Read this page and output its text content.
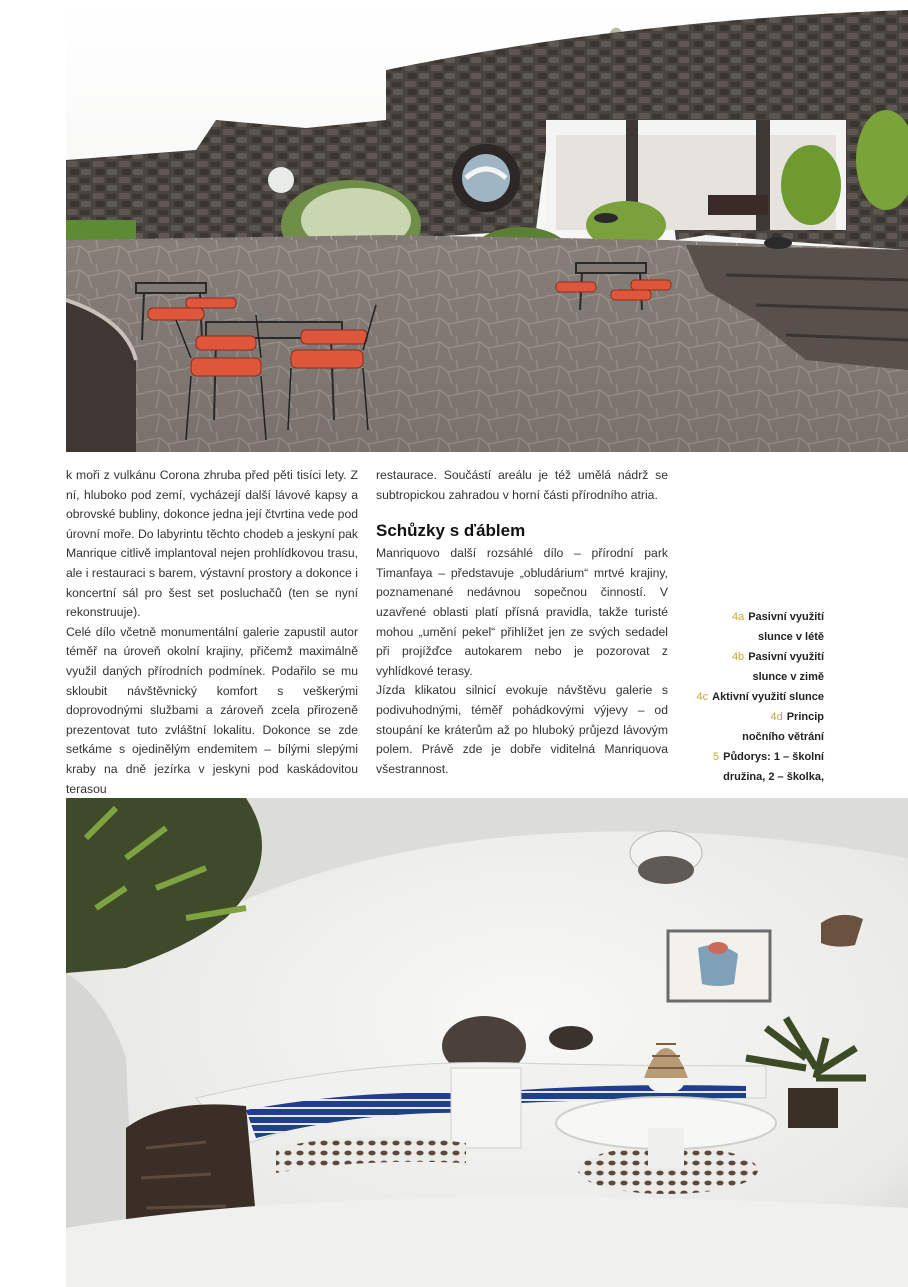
k moři z vulkánu Corona zhruba před pěti tisíci lety. Z ní, hluboko pod zemí, vycházejí další lávové kapsy a obrovské bubliny, dokonce jedna její čtvrtina vede pod úrovní moře. Do labyrintu těchto chodeb a jeskyní pak Manrique citlivě implantoval nejen prohlídkovou trasu, ale i restauraci s barem, výstavní prostory a dokonce i koncertní sál pro šest set posluchačů (ten se nyní rekonstruuje).

Celé dílo včetně monumentální galerie zapustil autor téměř na úroveň okolní krajiny, přičemž maximálně využil daných přírodních podmínek. Podařilo se mu skloubit návštěvnický komfort s veškerými doprovodnými službami a zároveň zcela přirozeně prezentovat tuto zvláštní lokalitu. Dokonce se zde setkáme s ojedinělým endemitem – bílými slepými kraby na dně jezírka v jeskyni pod kaskádovitou terasou

restaurace. Součástí areálu je též umělá nádrž se subtropickou zahradou v horní části přírodního atria.

Schůzky s ďáblem

Manriquovo další rozsáhlé dílo – přírodní park Timanfaya – představuje „obludárium“ mrtvé krajiny, poznamenané nedávnou sopečnou činností. V uzavřené oblasti platí přísná pravidla, takže turisté mohou „umění pekel“ přihlížet jen ze svých sedadel při projížďce autokarem nebo je pozorovat z vyhlídkové terasy.

Jízda klikatou silnicí evokuje návštěvu galerie s podivuhodnými, téměř pohádkovými výjevy – od stoupání ke kráterům až po hluboký průjezd lávovým polem. Právě zde je dobře viditelná Manriquova všestrannost.

4a Pasivní využití
slunce v létě
4b Pasivní využití
slunce v zimě
4c Aktivní využití slunce
4d Princip
nočního větrání
5 Půdorys: 1 – školní
družina, 2 – školka,
